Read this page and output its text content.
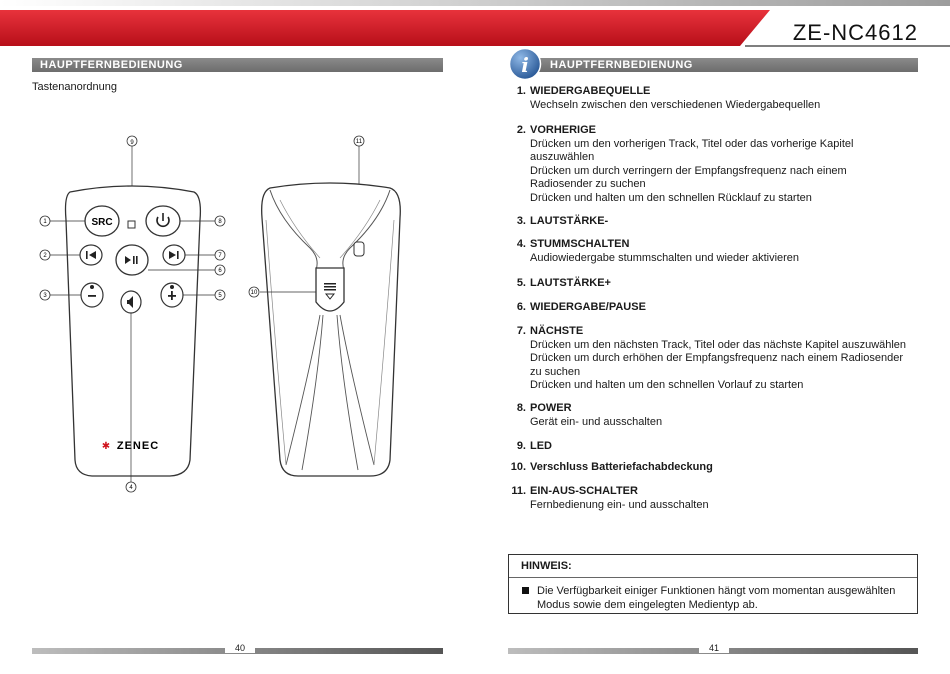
ZE-NC4612
HAUPTFERNBEDIENUNG
Tastenanordnung
9
SRC
ZENEC
✱
1
2
3
8
7
6
5
4
11
10
40
HAUPTFERNBEDIENUNG
i
1. WIEDERGABEQUELLE
Wechseln zwischen den verschiedenen Wiedergabequellen
2. VORHERIGE
Drücken um den vorherigen Track, Titel oder das vorherige Kapitel
auszuwählen
Drücken um durch verringern der Empfangsfrequenz nach einem
Radiosender zu suchen
Drücken und halten um den schnellen Rücklauf zu starten
3. LAUTSTÄRKE-
4. STUMMSCHALTEN
Audiowiedergabe stummschalten und wieder aktivieren
5. LAUTSTÄRKE+
6. WIEDERGABE/PAUSE
7. NÄCHSTE
Drücken um den nächsten Track, Titel oder das nächste Kapitel auszuwählen
Drücken um durch erhöhen der Empfangsfrequenz nach einem Radiosender
zu suchen
Drücken und halten um den schnellen Vorlauf zu starten
8. POWER
Gerät ein- und ausschalten
9. LED
10. Verschluss Batteriefachabdeckung
11. EIN-AUS-SCHALTER
Fernbedienung ein- und ausschalten
HINWEIS:
Die Verfügbarkeit einiger Funktionen hängt vom momentan ausgewählten
Modus sowie dem eingelegten Medientyp ab.
41
